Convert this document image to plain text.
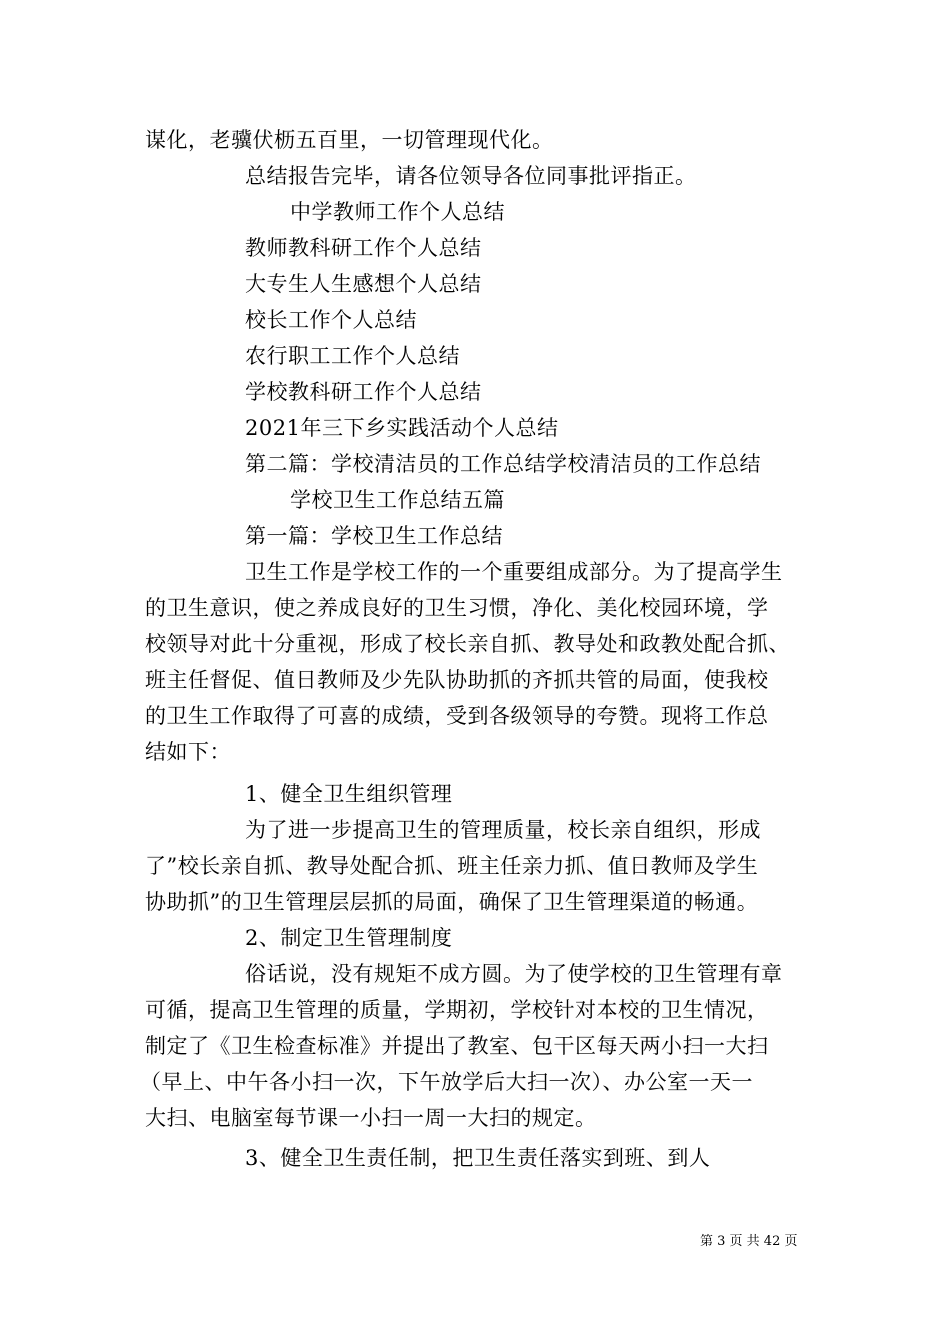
谋化，老骥伏枥五百里，一切管理现代化。
总结报告完毕，请各位领导各位同事批评指正。
中学教师工作个人总结
教师教科研工作个人总结
大专生人生感想个人总结
校长工作个人总结
农行职工工作个人总结
学校教科研工作个人总结
2021年三下乡实践活动个人总结
第二篇：学校清洁员的工作总结学校清洁员的工作总结
学校卫生工作总结五篇
第一篇：学校卫生工作总结
卫生工作是学校工作的一个重要组成部分。为了提高学生
的卫生意识，使之养成良好的卫生习惯，净化、美化校园环境，学
校领导对此十分重视，形成了校长亲自抓、教导处和政教处配合抓、
班主任督促、值日教师及少先队协助抓的齐抓共管的局面，使我校
的卫生工作取得了可喜的成绩，受到各级领导的夸赞。现将工作总
结如下：
1、健全卫生组织管理
为了进一步提高卫生的管理质量，校长亲自组织，形成
了”校长亲自抓、教导处配合抓、班主任亲力抓、值日教师及学生
协助抓”的卫生管理层层抓的局面，确保了卫生管理渠道的畅通。
2、制定卫生管理制度
俗话说，没有规矩不成方圆。为了使学校的卫生管理有章
可循，提高卫生管理的质量，学期初，学校针对本校的卫生情况，
制定了《卫生检查标准》并提出了教室、包干区每天两小扫一大扫
（早上、中午各小扫一次，下午放学后大扫一次）、办公室一天一
大扫、电脑室每节课一小扫一周一大扫的规定。
3、健全卫生责任制，把卫生责任落实到班、到人
第 3 页 共 42 页
